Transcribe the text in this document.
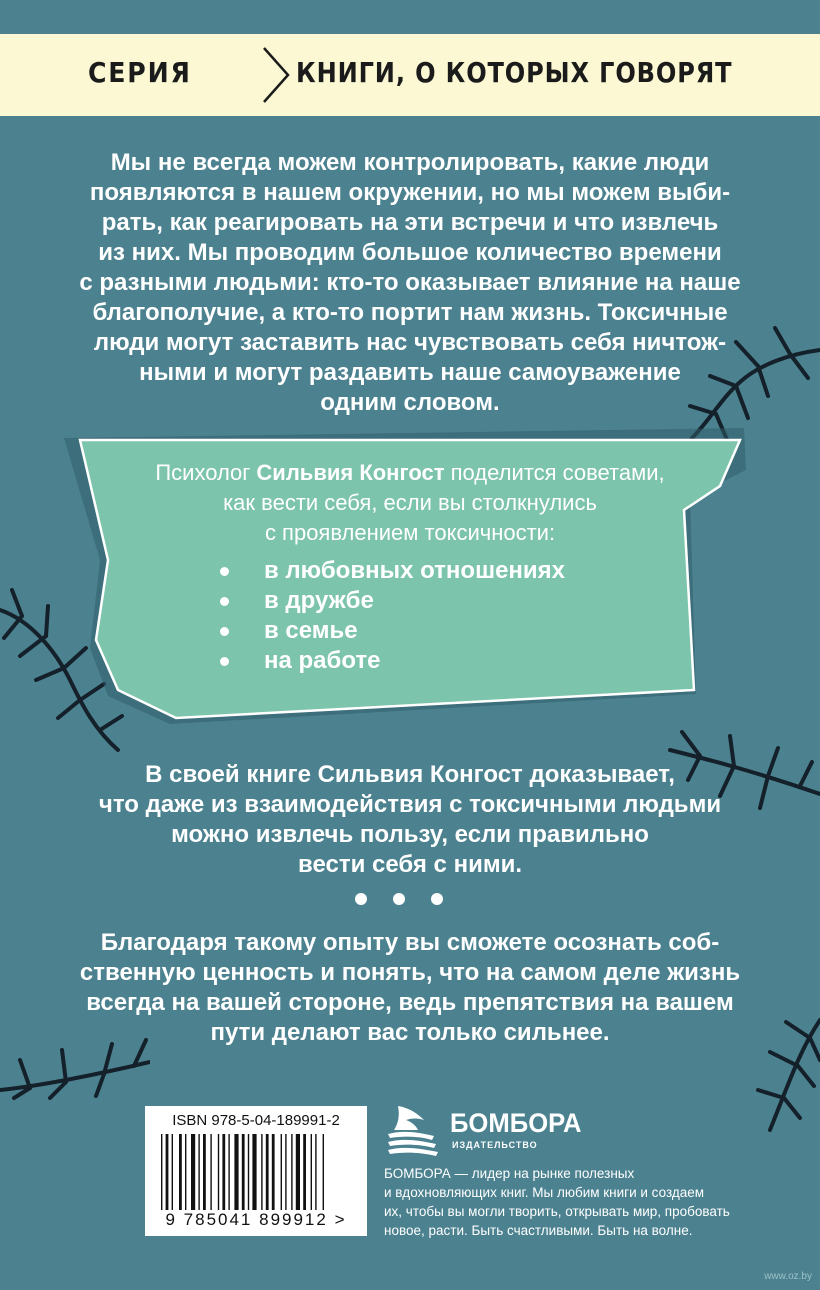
СЕРИЯ	КНИГИ, О КОТОРЫХ ГОВОРЯТ
Мы не всегда можем контролировать, какие люди
появляются в нашем окружении, но мы можем выби-
рать, как реагировать на эти встречи и что извлечь
из них. Мы проводим большое количество времени
с разными людьми: кто-то оказывает влияние на наше
благополучие, а кто-то портит нам жизнь. Токсичные
люди могут заставить нас чувствовать себя ничтож-
ными и могут раздавить наше самоуважение
одним словом.
Психолог Сильвия Конгост поделится советами,
как вести себя, если вы столкнулись
с проявлением токсичности:
в любовных отношениях
в дружбе
в семье
на работе
В своей книге Сильвия Конгост доказывает,
что даже из взаимодействия с токсичными людьми
можно извлечь пользу, если правильно
вести себя с ними.
Благодаря такому опыту вы сможете осознать соб-
ственную ценность и понять, что на самом деле жизнь
всегда на вашей стороне, ведь препятствия на вашем
пути делают вас только сильнее.
ISBN 978-5-04-189991-2
9 785041 899912 >
БОМБОРА
ИЗДАТЕЛЬСТВО
БОМБОРА — лидер на рынке полезных
и вдохновляющих книг. Мы любим книги и создаем
их, чтобы вы могли творить, открывать мир, пробовать
новое, расти. Быть счастливыми. Быть на волне.
www.oz.by
